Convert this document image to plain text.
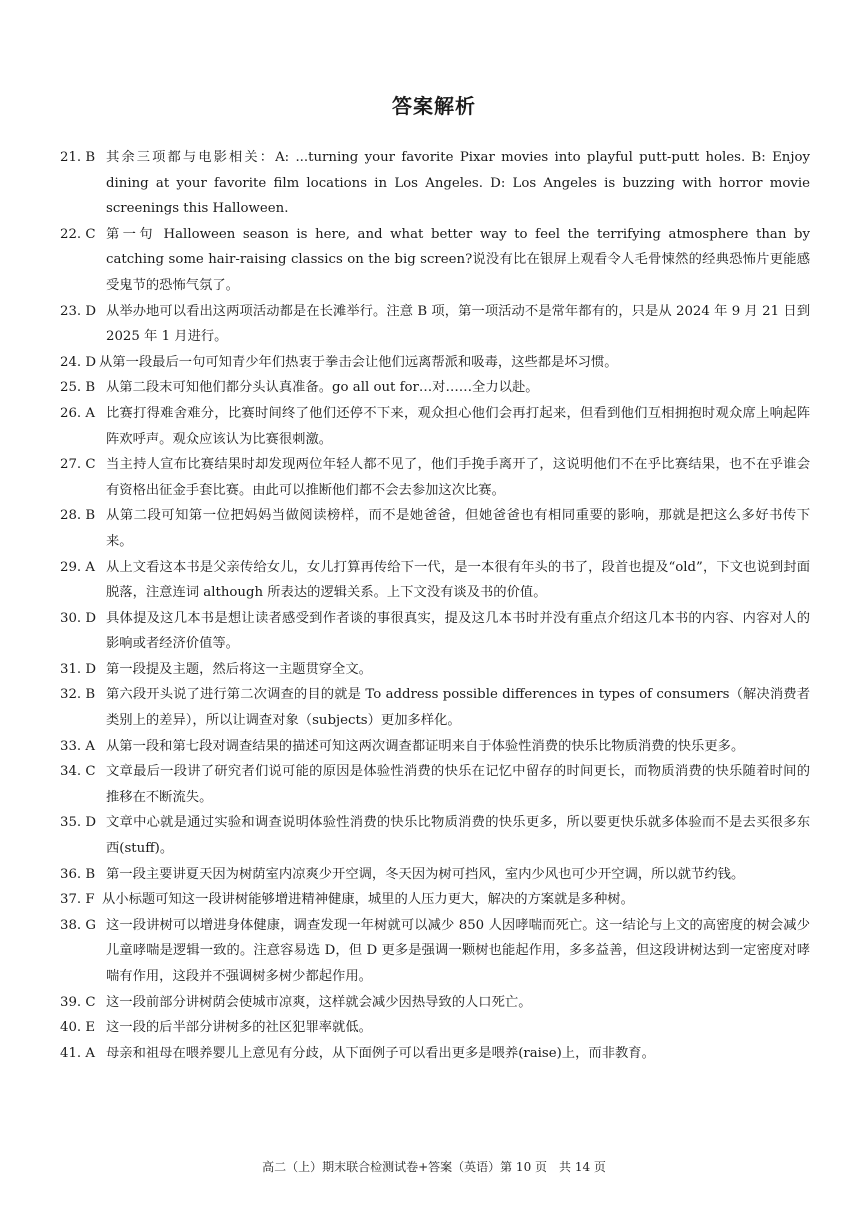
答案解析
21. B 其余三项都与电影相关：A: ...turning your favorite Pixar movies into playful putt-putt holes. B: Enjoy dining at your favorite film locations in Los Angeles. D: Los Angeles is buzzing with horror movie screenings this Halloween.
22. C 第一句 Halloween season is here, and what better way to feel the terrifying atmosphere than by catching some hair-raising classics on the big screen?说没有比在银屏上观看令人毛骨悚然的经典恐怖片更能感受鬼节的恐怖气氛了。
23. D 从举办地可以看出这两项活动都是在长滩举行。注意 B 项，第一项活动不是常年都有的，只是从 2024 年 9 月 21 日到 2025 年 1 月进行。
24. D 从第一段最后一句可知青少年们热衷于拳击会让他们远离帮派和吸毒，这些都是坏习惯。
25. B 从第二段末可知他们都分头认真准备。go all out for…对……全力以赴。
26. A 比赛打得难舍难分，比赛时间终了他们还停不下来，观众担心他们会再打起来，但看到他们互相拥抱时观众席上响起阵阵欢呼声。观众应该认为比赛很刺激。
27. C 当主持人宣布比赛结果时却发现两位年轻人都不见了，他们手挽手离开了，这说明他们不在乎比赛结果，也不在乎谁会有资格出征金手套比赛。由此可以推断他们都不会去参加这次比赛。
28. B 从第二段可知第一位把妈妈当做阅读榜样，而不是她爸爸，但她爸爸也有相同重要的影响，那就是把这么多好书传下来。
29. A 从上文看这本书是父亲传给女儿，女儿打算再传给下一代，是一本很有年头的书了，段首也提及“old”，下文也说到封面脱落，注意连词 although 所表达的逻辑关系。上下文没有谈及书的价值。
30. D 具体提及这几本书是想让读者感受到作者谈的事很真实，提及这几本书时并没有重点介绍这几本书的内容、内容对人的影响或者经济价值等。
31. D 第一段提及主题，然后将这一主题贯穿全文。
32. B 第六段开头说了进行第二次调查的目的就是 To address possible differences in types of consumers（解决消费者类别上的差异），所以让调查对象（subjects）更加多样化。
33. A 从第一段和第七段对调查结果的描述可知这两次调查都证明来自于体验性消费的快乐比物质消费的快乐更多。
34. C 文章最后一段讲了研究者们说可能的原因是体验性消费的快乐在记忆中留存的时间更长，而物质消费的快乐随着时间的推移在不断流失。
35. D 文章中心就是通过实验和调查说明体验性消费的快乐比物质消费的快乐更多，所以要更快乐就多体验而不是去买很多东西(stuff)。
36. B 第一段主要讲夏天因为树荫室内凉爽少开空调，冬天因为树可挡风，室内少风也可少开空调，所以就节约钱。
37. F 从小标题可知这一段讲树能够增进精神健康，城里的人压力更大，解决的方案就是多种树。
38. G 这一段讲树可以增进身体健康，调查发现一年树就可以减少 850 人因哮喘而死亡。这一结论与上文的高密度的树会减少儿童哮喘是逻辑一致的。注意容易选 D，但 D 更多是强调一颗树也能起作用，多多益善，但这段讲树达到一定密度对哮喘有作用，这段并不强调树多树少都起作用。
39. C 这一段前部分讲树荫会使城市凉爽，这样就会减少因热导致的人口死亡。
40. E 这一段的后半部分讲树多的社区犯罪率就低。
41. A 母亲和祖母在喂养婴儿上意见有分歧，从下面例子可以看出更多是喂养(raise)上，而非教育。
高二（上）期末联合检测试卷+答案（英语）第 10 页　共 14 页
